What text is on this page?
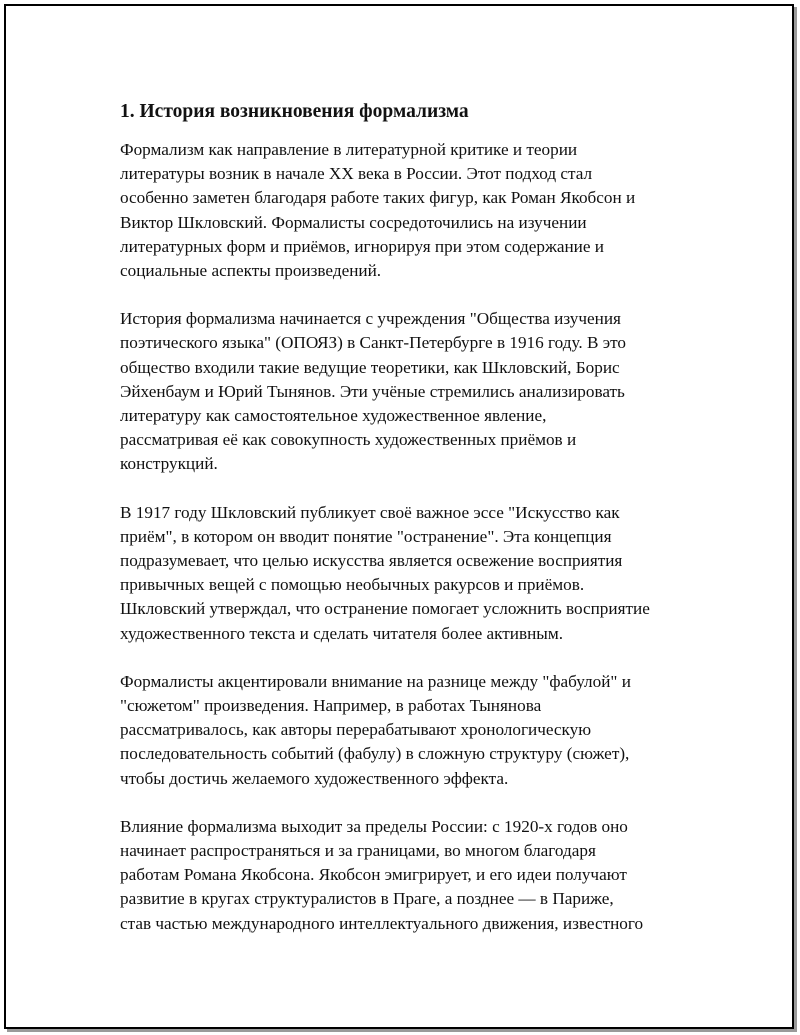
1. История возникновения формализма

Формализм как направление в литературной критике и теории
литературы возник в начале XX века в России. Этот подход стал
особенно заметен благодаря работе таких фигур, как Роман Якобсон и
Виктор Шкловский. Формалисты сосредоточились на изучении
литературных форм и приёмов, игнорируя при этом содержание и
социальные аспекты произведений.

История формализма начинается с учреждения "Общества изучения
поэтического языка" (ОПОЯЗ) в Санкт-Петербурге в 1916 году. В это
общество входили такие ведущие теоретики, как Шкловский, Борис
Эйхенбаум и Юрий Тынянов. Эти учёные стремились анализировать
литературу как самостоятельное художественное явление,
рассматривая её как совокупность художественных приёмов и
конструкций.

В 1917 году Шкловский публикует своё важное эссе "Искусство как
приём", в котором он вводит понятие "остранение". Эта концепция
подразумевает, что целью искусства является освежение восприятия
привычных вещей с помощью необычных ракурсов и приёмов.
Шкловский утверждал, что остранение помогает усложнить восприятие
художественного текста и сделать читателя более активным.

Формалисты акцентировали внимание на разнице между "фабулой" и
"сюжетом" произведения. Например, в работах Тынянова
рассматривалось, как авторы перерабатывают хронологическую
последовательность событий (фабулу) в сложную структуру (сюжет),
чтобы достичь желаемого художественного эффекта.

Влияние формализма выходит за пределы России: с 1920-х годов оно
начинает распространяться и за границами, во многом благодаря
работам Романа Якобсона. Якобсон эмигрирует, и его идеи получают
развитие в кругах структуралистов в Праге, а позднее — в Париже,
став частью международного интеллектуального движения, известного
